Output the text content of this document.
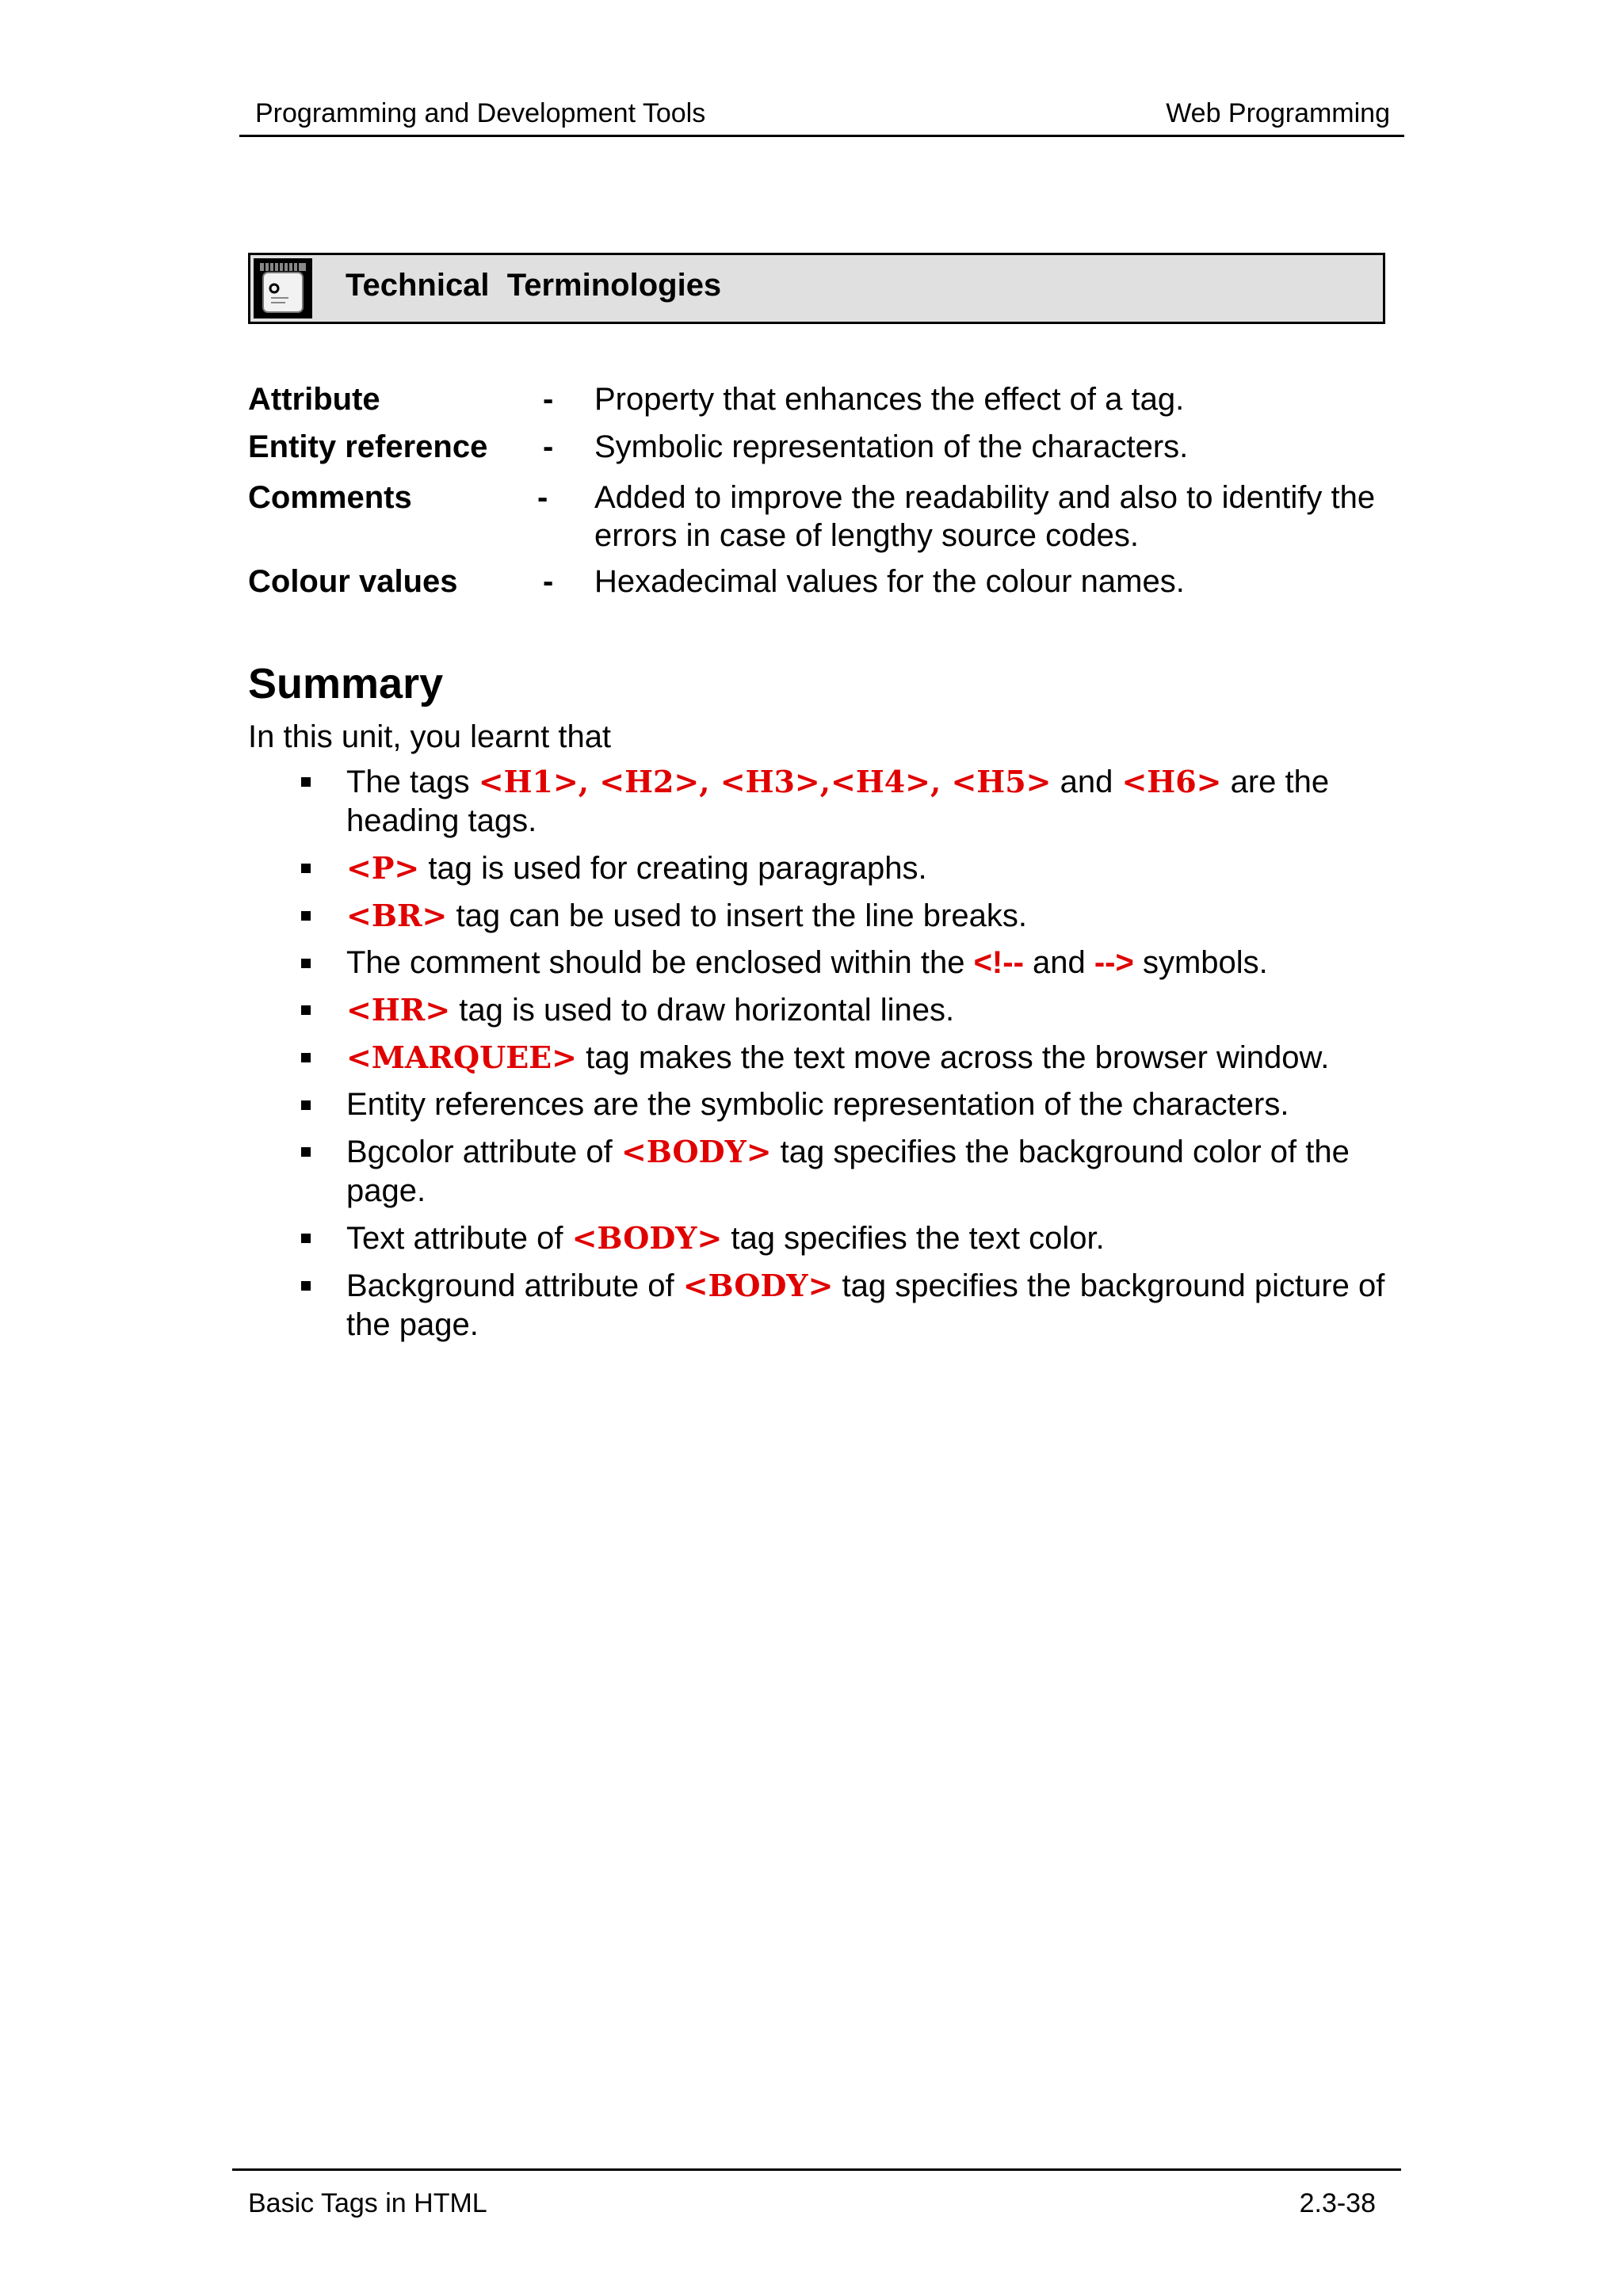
Programming and Development Tools	Web Programming
Technical  Terminologies
Attribute	- Property that enhances the effect of a tag.
Entity reference - Symbolic representation of the characters.
Comments	- Added to improve the readability and also to identify the errors in case of lengthy source codes.
Colour values	- Hexadecimal values for the colour names.
Summary
In this unit, you learnt that
The tags <H1>, <H2>, <H3>,<H4>, <H5> and <H6> are the heading tags.
<P> tag is used for creating paragraphs.
<BR> tag can be used to insert the line breaks.
The comment should be enclosed within the <!-- and --> symbols.
<HR> tag is used to draw horizontal lines.
<MARQUEE> tag makes the text move across the browser window.
Entity references are the symbolic representation of the characters.
Bgcolor attribute of <BODY> tag specifies the background color of the page.
Text attribute of <BODY> tag specifies the text color.
Background attribute of <BODY> tag specifies the background picture of the page.
Basic Tags in HTML	2.3-38
